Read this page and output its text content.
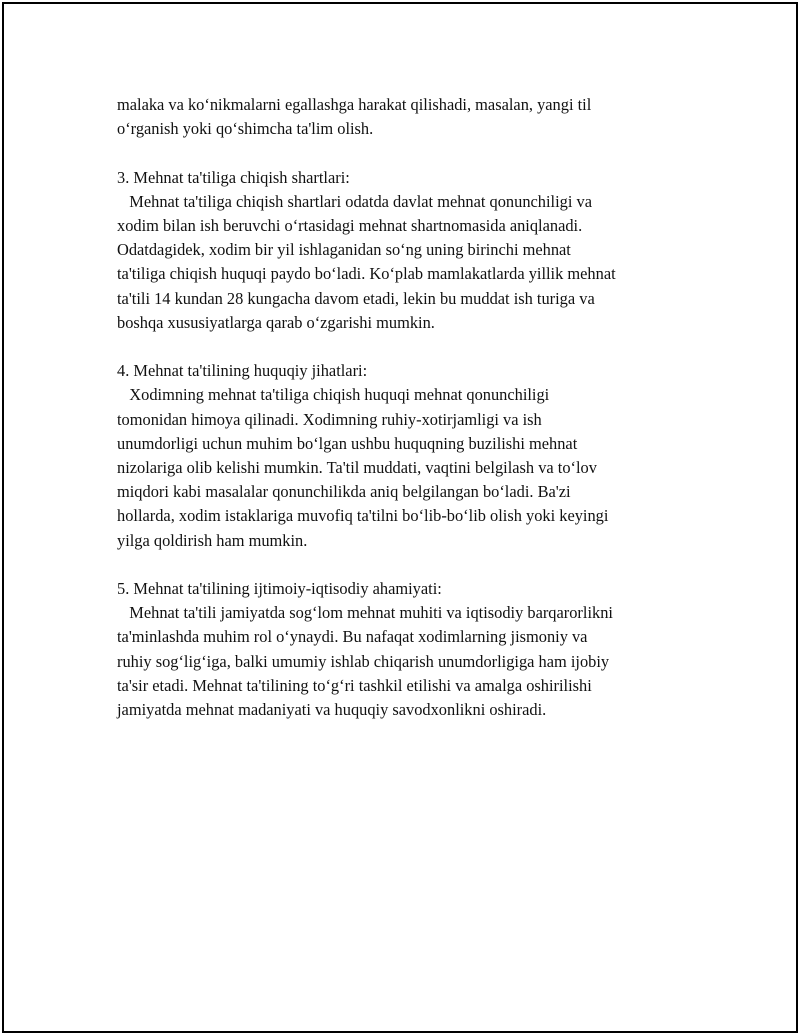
malaka va ko‘nikmalarni egallashga harakat qilishadi, masalan, yangi til
o‘rganish yoki qo‘shimcha ta'lim olish.
3. Mehnat ta'tiliga chiqish shartlari:
Mehnat ta'tiliga chiqish shartlari odatda davlat mehnat qonunchiligi va
xodim bilan ish beruvchi o‘rtasidagi mehnat shartnomasida aniqlanadi.
Odatdagidek, xodim bir yil ishlaganidan so‘ng uning birinchi mehnat
ta'tiliga chiqish huquqi paydo bo‘ladi. Ko‘plab mamlakatlarda yillik mehnat
ta'tili 14 kundan 28 kungacha davom etadi, lekin bu muddat ish turiga va
boshqa xususiyatlarga qarab o‘zgarishi mumkin.
4. Mehnat ta'tilining huquqiy jihatlari:
Xodimning mehnat ta'tiliga chiqish huquqi mehnat qonunchiligi
tomonidan himoya qilinadi. Xodimning ruhiy-xotirjamligi va ish
unumdorligi uchun muhim bo‘lgan ushbu huquqning buzilishi mehnat
nizolariga olib kelishi mumkin. Ta'til muddati, vaqtini belgilash va to‘lov
miqdori kabi masalalar qonunchilikda aniq belgilangan bo‘ladi. Ba'zi
hollarda, xodim istaklariga muvofiq ta'tilni bo‘lib-bo‘lib olish yoki keyingi
yilga qoldirish ham mumkin.
5. Mehnat ta'tilining ijtimoiy-iqtisodiy ahamiyati:
Mehnat ta'tili jamiyatda sog‘lom mehnat muhiti va iqtisodiy barqarorlikni
ta'minlashda muhim rol o‘ynaydi. Bu nafaqat xodimlarning jismoniy va
ruhiy sog‘lig‘iga, balki umumiy ishlab chiqarish unumdorligiga ham ijobiy
ta'sir etadi. Mehnat ta'tilining to‘g‘ri tashkil etilishi va amalga oshirilishi
jamiyatda mehnat madaniyati va huquqiy savodxonlikni oshiradi.
